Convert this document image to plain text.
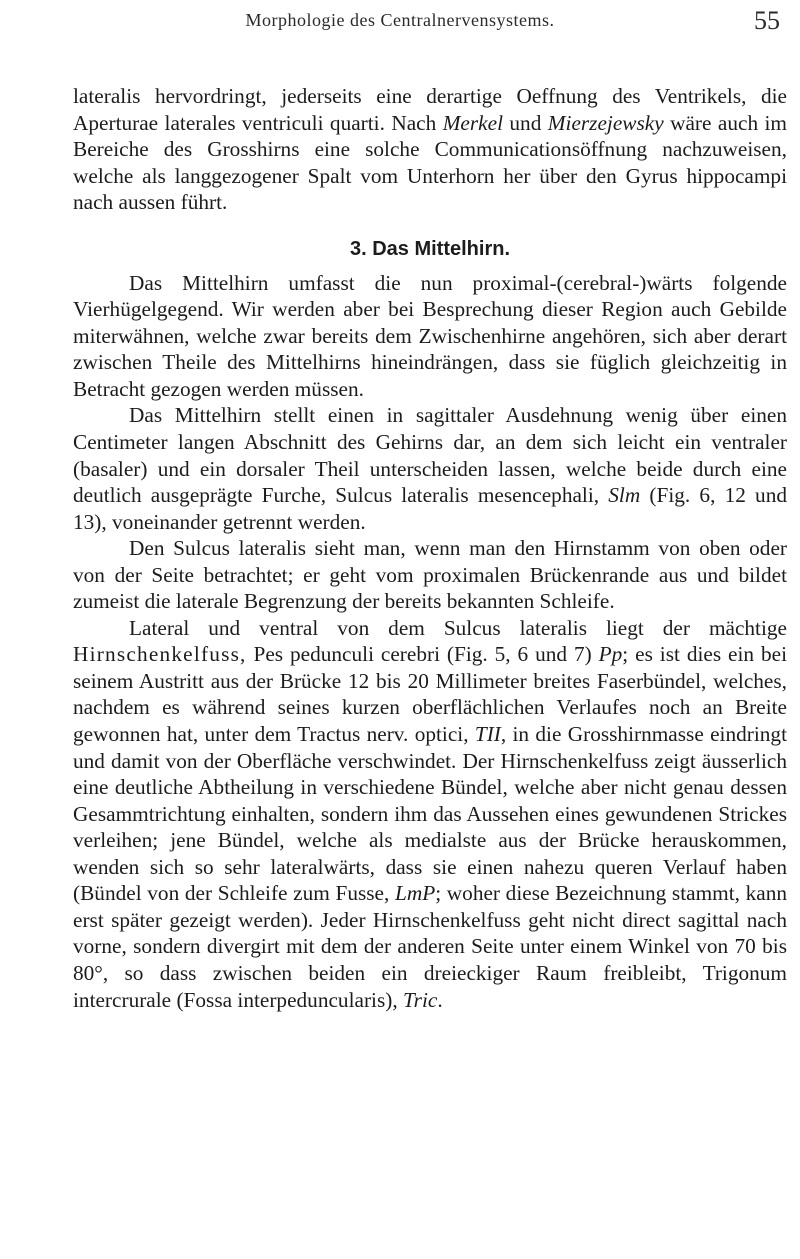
Morphologie des Centralnervensystems.	55

lateralis hervordringt, jederseits eine derartige Oeffnung des Ventrikels, die Aperturae laterales ventriculi quarti. Nach Merkel und Mierzejewsky wäre auch im Bereiche des Grosshirns eine solche Communicationsöffnung nachzuweisen, welche als langgezogener Spalt vom Unterhorn her über den Gyrus hippocampi nach aussen führt.

3. Das Mittelhirn.

Das Mittelhirn umfasst die nun proximal-(cerebral-)wärts folgende Vierhügelgegend. Wir werden aber bei Besprechung dieser Region auch Gebilde miterwähnen, welche zwar bereits dem Zwischenhirne angehören, sich aber derart zwischen Theile des Mittelhirns hineindrängen, dass sie füglich gleichzeitig in Betracht gezogen werden müssen.

Das Mittelhirn stellt einen in sagittaler Ausdehnung wenig über einen Centimeter langen Abschnitt des Gehirns dar, an dem sich leicht ein ventraler (basaler) und ein dorsaler Theil unterscheiden lassen, welche beide durch eine deutlich ausgeprägte Furche, Sulcus lateralis mesencephali, Slm (Fig. 6, 12 und 13), voneinander getrennt werden.

Den Sulcus lateralis sieht man, wenn man den Hirnstamm von oben oder von der Seite betrachtet; er geht vom proximalen Brückenrande aus und bildet zumeist die laterale Begrenzung der bereits bekannten Schleife.

Lateral und ventral von dem Sulcus lateralis liegt der mächtige Hirnschenkelfuss, Pes pedunculi cerebri (Fig. 5, 6 und 7) Pp; es ist dies ein bei seinem Austritt aus der Brücke 12 bis 20 Millimeter breites Faserbündel, welches, nachdem es während seines kurzen oberflächlichen Verlaufes noch an Breite gewonnen hat, unter dem Tractus nerv. optici, TII, in die Grosshirnmasse eindringt und damit von der Oberfläche verschwindet. Der Hirnschenkelfuss zeigt äusserlich eine deutliche Abtheilung in verschiedene Bündel, welche aber nicht genau dessen Gesammtrichtung einhalten, sondern ihm das Aussehen eines gewundenen Strickes verleihen; jene Bündel, welche als medialste aus der Brücke herauskommen, wenden sich so sehr lateralwärts, dass sie einen nahezu queren Verlauf haben (Bündel von der Schleife zum Fusse, LmP; woher diese Bezeichnung stammt, kann erst später gezeigt werden). Jeder Hirnschenkelfuss geht nicht direct sagittal nach vorne, sondern divergirt mit dem der anderen Seite unter einem Winkel von 70 bis 80°, so dass zwischen beiden ein dreieckiger Raum freibleibt, Trigonum intercrurale (Fossa interpeduncularis), Tric.
